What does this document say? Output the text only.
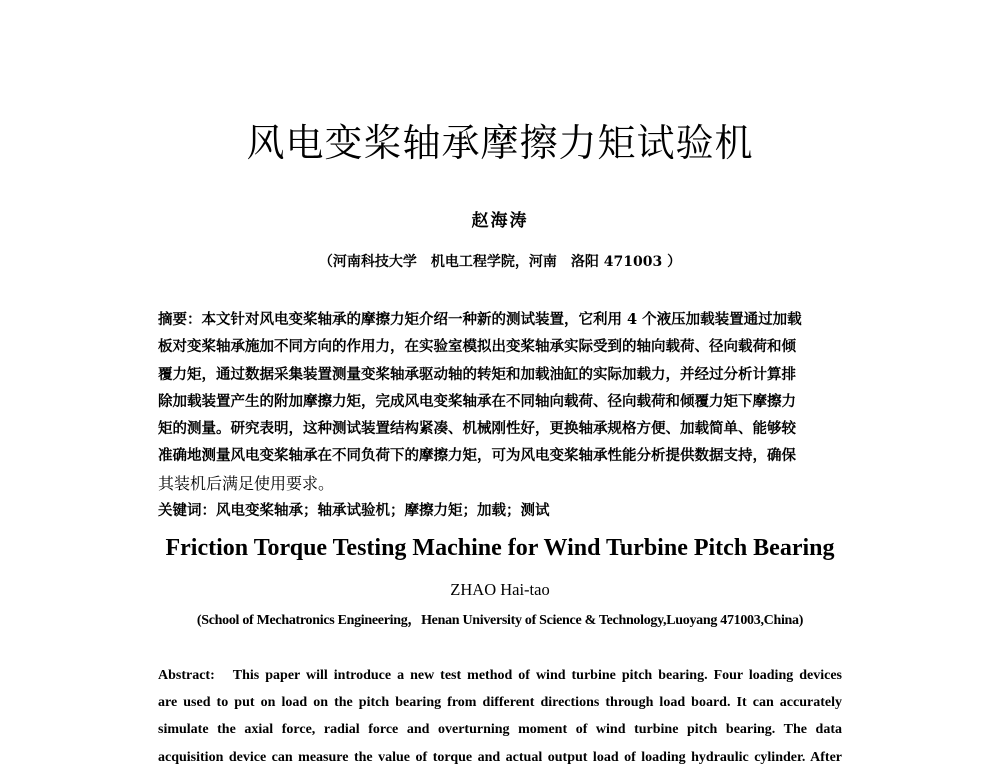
风电变桨轴承摩擦力矩试验机
赵海涛
（河南科技大学　机电工程学院，河南　洛阳 471003 ）
摘要：本文针对风电变桨轴承的摩擦力矩介绍一种新的测试装置，它利用 4 个液压加载装置通过加载
板对变桨轴承施加不同方向的作用力，在实验室模拟出变桨轴承实际受到的轴向载荷、径向载荷和倾
覆力矩，通过数据采集装置测量变桨轴承驱动轴的转矩和加载油缸的实际加载力，并经过分析计算排
除加载装置产生的附加摩擦力矩，完成风电变桨轴承在不同轴向载荷、径向载荷和倾覆力矩下摩擦力
矩的测量。研究表明，这种测试装置结构紧凑、机械刚性好，更换轴承规格方便、加载简单、能够较
准确地测量风电变桨轴承在不同负荷下的摩擦力矩，可为风电变桨轴承性能分析提供数据支持，确保
其装机后满足使用要求。
关键词：风电变桨轴承；轴承试验机；摩擦力矩；加载；测试
Friction Torque Testing Machine for Wind Turbine Pitch Bearing
ZHAO Hai-tao
(School of Mechatronics Engineering，Henan University of Science & Technology,Luoyang 471003,China)
Abstract: This paper will introduce a new test method of wind turbine pitch bearing. Four loading devices
are used to put on load on the pitch bearing from different directions through load board. It can accurately
simulate the axial force, radial force and overturning moment of wind turbine pitch bearing. The data
acquisition device can measure the value of torque and actual output load of loading hydraulic cylinder. After
